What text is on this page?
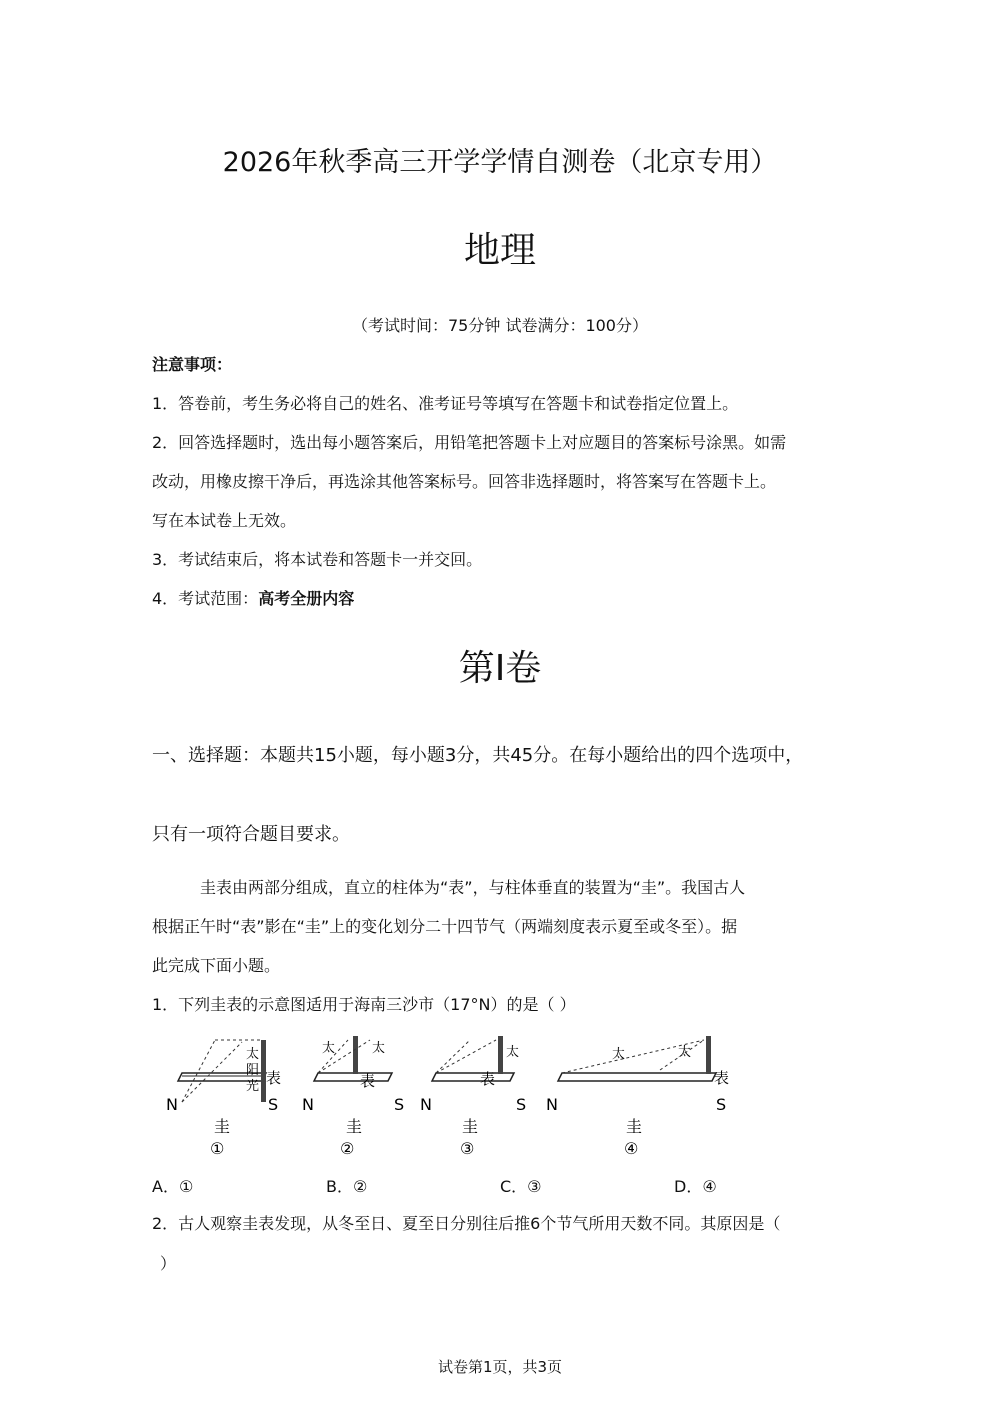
2026年秋季高三开学学情自测卷（北京专用）
地理
（考试时间：75分钟 试卷满分：100分）
注意事项：
1．答卷前，考生务必将自己的姓名、准考证号等填写在答题卡和试卷指定位置上。
2．回答选择题时，选出每小题答案后，用铅笔把答题卡上对应题目的答案标号涂黑。如需
改动，用橡皮擦干净后，再选涂其他答案标号。回答非选择题时，将答案写在答题卡上。
写在本试卷上无效。
3．考试结束后，将本试卷和答题卡一并交回。
4．考试范围：高考全册内容
第Ⅰ卷
一、选择题：本题共15小题，每小题3分，共45分。在每小题给出的四个选项中，
只有一项符合题目要求。
圭表由两部分组成，直立的柱体为“表”，与柱体垂直的装置为“圭”。我国古人
根据正午时“表”影在“圭”上的变化划分二十四节气（两端刻度表示夏至或冬至）。据
此完成下面小题。
1．下列圭表的示意图适用于海南三沙市（17°N）的是（ ）
N	S
圭
表
太
阳
光
①
N	S
圭
表
太	太
②
N	S
圭
表
太
③
N	S
圭
表
太	太
④
A．①	B．②	C．③	D．④
2．古人观察圭表发现，从冬至日、夏至日分别往后推6个节气所用天数不同。其原因是（
）
试卷第1页，共3页
